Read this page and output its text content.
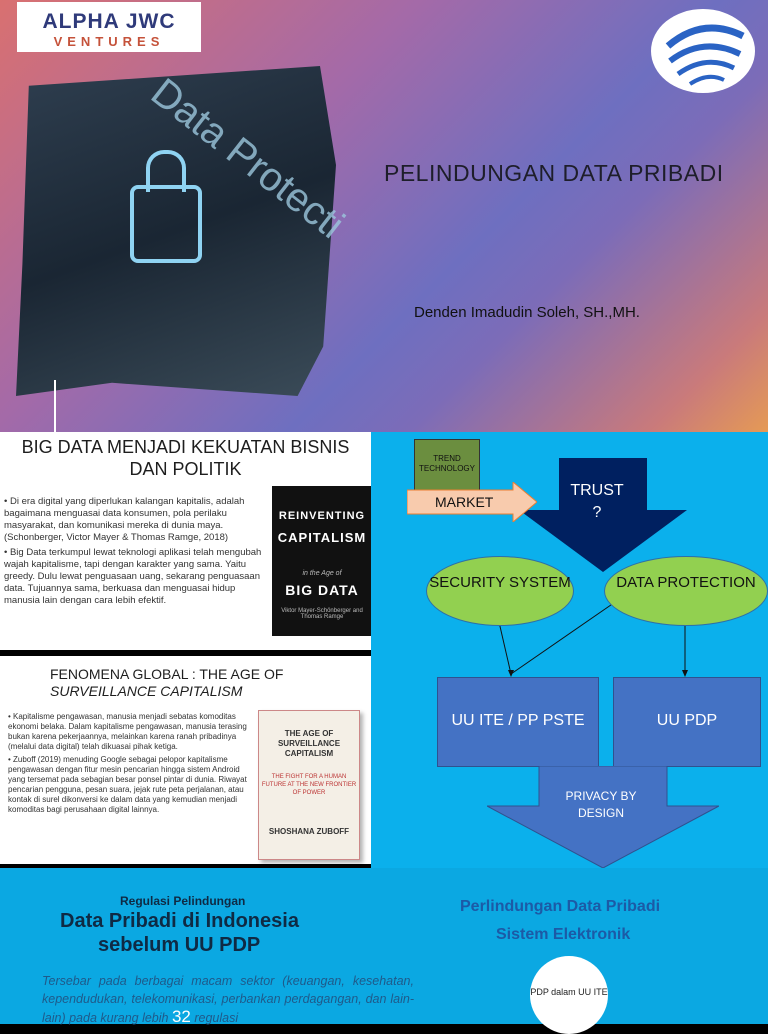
ALPHA JWC
VENTURES
Data Protecti PELINDUNGAN DATA PRIBADI
Denden Imadudin Soleh, SH.,MH.
BIG DATA MENJADI KEKUATAN BISNIS
DAN POLITIK

• Di era digital yang diperlukan kalangan kapitalis, adalah bagaimana menguasai data konsumen, pola perilaku masyarakat, dan komunikasi mereka di dunia maya. (Schonberger, Victor Mayer & Thomas Ramge, 2018)

• Big Data terkumpul lewat teknologi aplikasi telah mengubah wajah kapitalisme, tapi dengan karakter yang sama. Yaitu greedy. Dulu lewat penguasaan uang, sekarang penguasaan data. Tujuannya sama, berkuasa dan menguasai hidup manusia lain dengan cara lebih efektif.

REINVENTING
CAPITALISM
in the Age of
BIG DATA
Viktor Mayer-Schönberger and Thomas Ramge
FENOMENA GLOBAL : THE AGE OF
SURVEILLANCE CAPITALISM

• Kapitalisme pengawasan, manusia menjadi sebatas komoditas ekonomi belaka. Dalam kapitalisme pengawasan, manusia terasing bukan karena pekerjaannya, melainkan karena ranah pribadinya (melalui data digital) telah dikuasai pihak ketiga.

• Zuboff (2019) menuding Google sebagai pelopor kapitalisme pengawasan dengan fitur mesin pencarian hingga sistem Android yang tersemat pada sebagian besar ponsel pintar di dunia. Riwayat pencarian pengguna, pesan suara, jejak rute peta perjalanan, atau kontak di surel dikonversi ke dalam data yang kemudian menjadi komoditas bagi perusahaan digital lainnya.

THE AGE OF SURVEILLANCE CAPITALISM
THE FIGHT FOR A HUMAN FUTURE AT THE NEW FRONTIER OF POWER
SHOSHANA ZUBOFF
TRUST ?
TREND TECHNOLOGY
MARKET
SECURITY SYSTEM	DATA PROTECTION
UU ITE / PP PSTE	UU PDP
PRIVACY BY DESIGN
Regulasi Pelindungan
Data Pribadi di Indonesia
sebelum UU PDP
Tersebar pada berbagai macam sektor (keuangan, kesehatan, kependudukan, telekomunikasi, perbankan perdagangan, dan lain-lain) pada kurang lebih 32 regulasi
Perlindungan Data Pribadi
Sistem Elektronik
PDP dalam UU ITE
